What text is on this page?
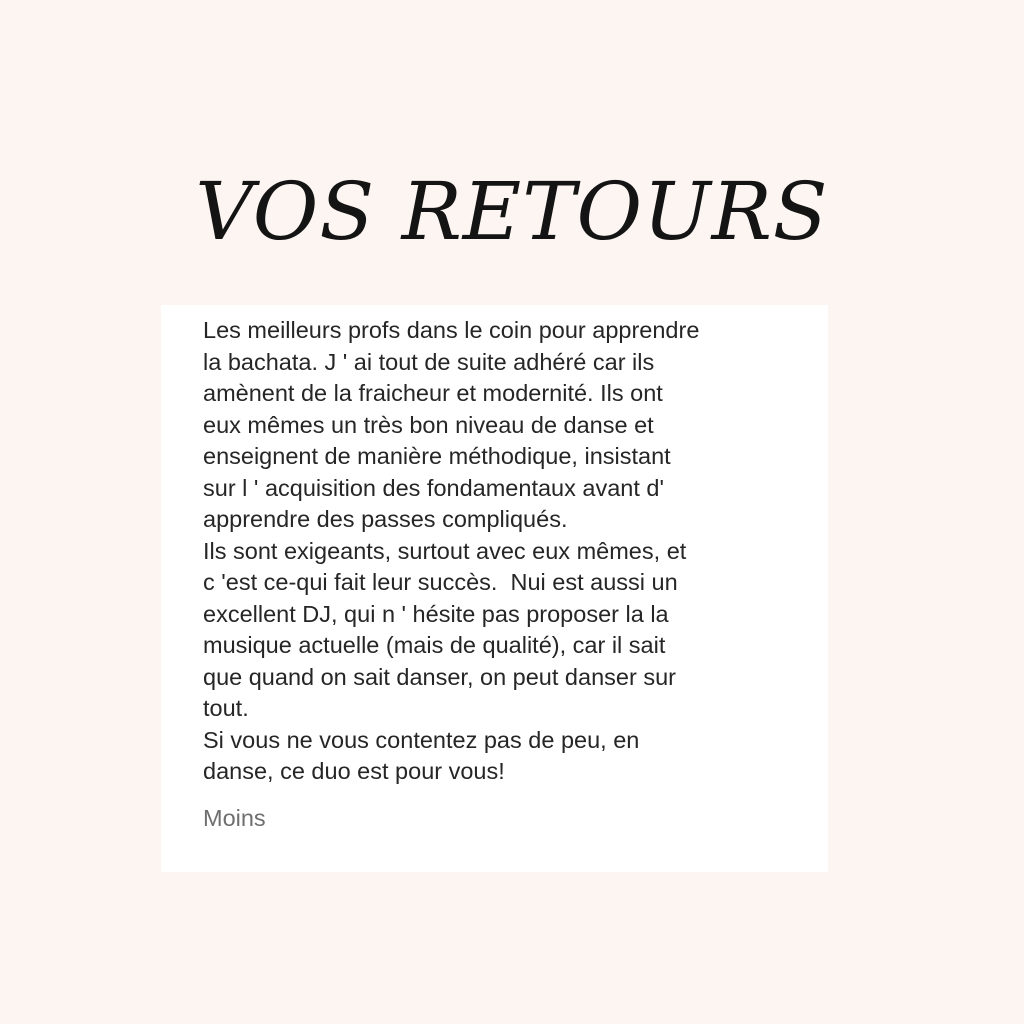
VOS RETOURS
Les meilleurs profs dans le coin pour apprendre
la bachata. J ' ai tout de suite adhéré car ils
amènent de la fraicheur et modernité. Ils ont
eux mêmes un très bon niveau de danse et
enseignent de manière méthodique, insistant
sur l ' acquisition des fondamentaux avant d'
apprendre des passes compliqués.
Ils sont exigeants, surtout avec eux mêmes, et
c 'est ce-qui fait leur succès.  Nui est aussi un
excellent DJ, qui n ' hésite pas proposer la la
musique actuelle (mais de qualité), car il sait
que quand on sait danser, on peut danser sur
tout.
Si vous ne vous contentez pas de peu, en
danse, ce duo est pour vous!
Moins
